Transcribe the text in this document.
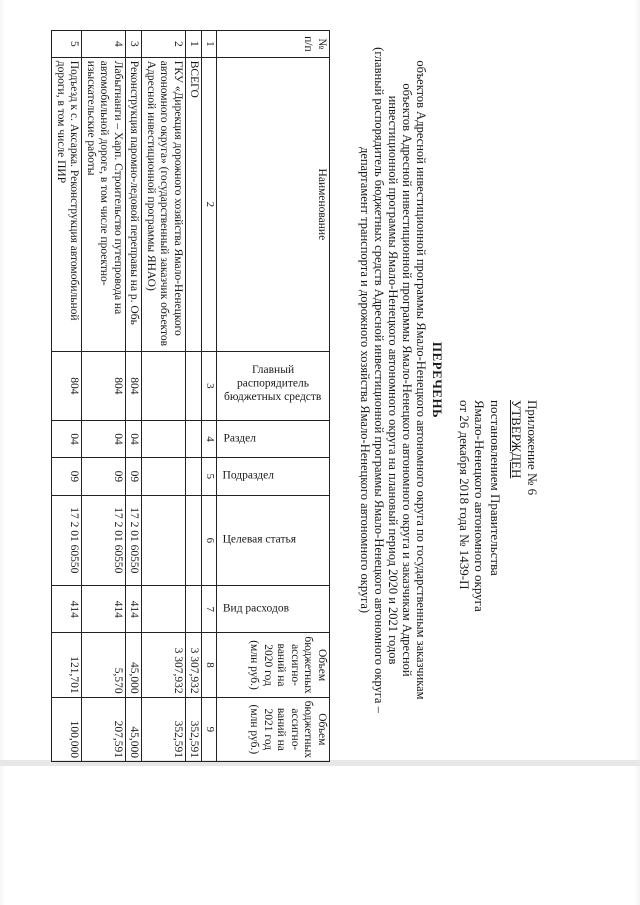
Приложение № 6
УТВЕРЖДЕН
постановлением Правительства
Ямало-Ненецкого автономного округа
от 26 декабря 2018 года № 1439-П
ПЕРЕЧЕНЬ
объектов Адресной инвестиционной программы Ямало-Ненецкого автономного округа по государственным заказчикам
объектов Адресной инвестиционной программы Ямало-Ненецкого автономного округа и заказчикам Адресной
инвестиционной программы Ямало-Ненецкого автономного округа на плановый период 2020 и 2021 годов
(главный распорядитель бюджетных средств Адресной инвестиционной программы Ямало-Ненецкого автономного округа –
департамент транспорта и дорожного хозяйства Ямало-Ненецкого автономного округа)
№ п/п	Наименование	Главный распорядитель бюджетных средств	Раздел	Подраздел	Целевая статья	Вид расходов	Объем бюджетных ассигно-ваний на 2020 год (млн руб.)	Объем бюджетных ассигно-ваний на 2021 год (млн руб.)
1	2	3	4	5	6	7	8	9
1	ВСЕГО						3 307,932	352,591
2	ГКУ «Дирекция дорожного хозяйства Ямало-Ненецкого автономного округа» (государственный заказчик объектов Адресной инвестиционной программы ЯНАО)						3 307,932	352,591
3	Реконструкция паромно-ледовой переправы на р. Обь	804	04	09	17 2 01 60550	414	45,000	45,000
4	Лабытнанги – Харп. Строительство путепровода на автомобильной дороге, в том числе проектно-изыскательские работы	804	04	09	17 2 01 60550	414	5,570	207,591
5	Подъезд к с. Аксарка. Реконструкция автомобильной дороги, в том числе ПИР	804	04	09	17 2 01 60550	414	121,701	100,000
